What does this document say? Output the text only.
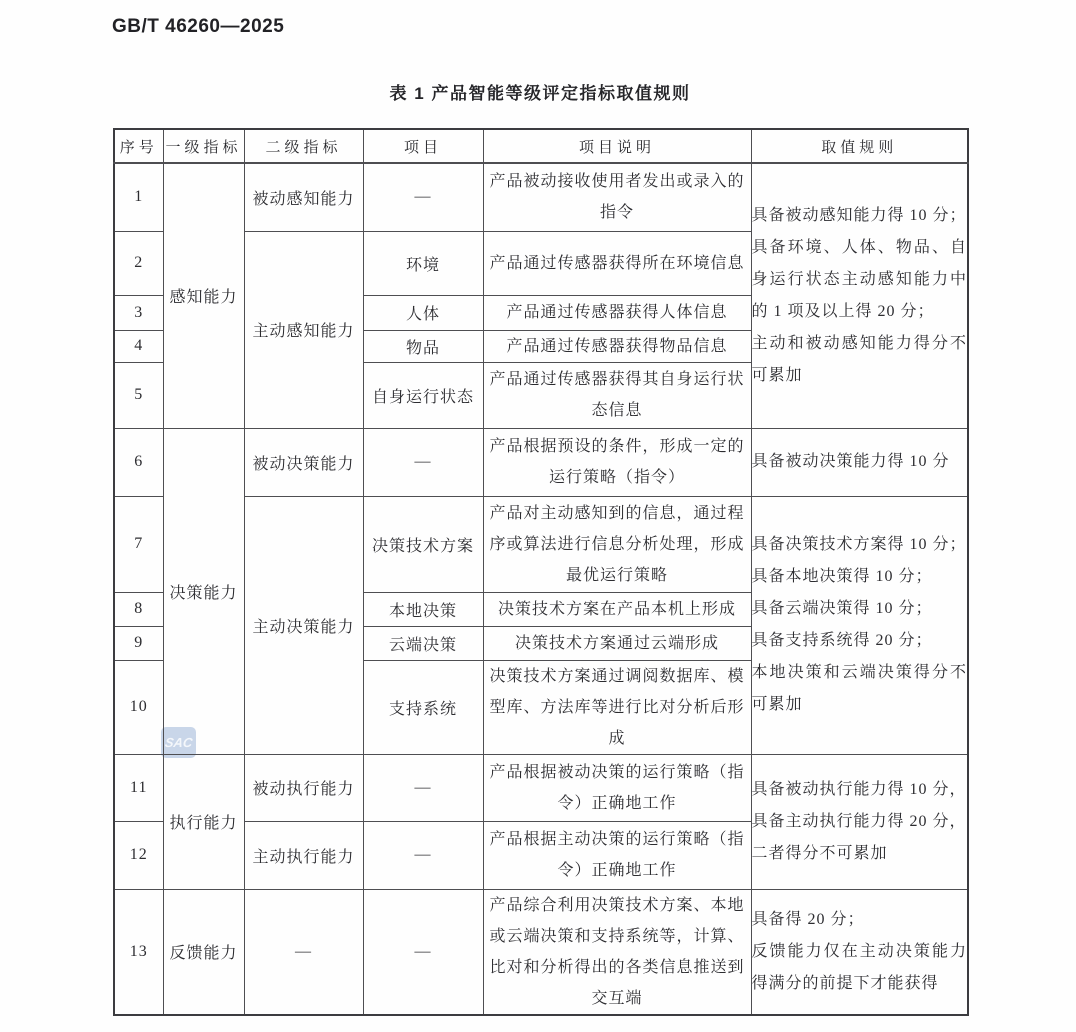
GB/T 46260—2025
表 1 产品智能等级评定指标取值规则
SAC
序号	一级指标	二级指标	项目	项目说明	取值规则
1	感知能力	被动感知能力	—	产品被动接收使用者发出或录入的指令	具备被动感知能力得 10 分；
具备环境、人体、物品、自身运行状态主动感知能力中的 1 项及以上得 20 分；
主动和被动感知能力得分不可累加

2		主动感知能力	环境	产品通过传感器获得所在环境信息	
3			人体	产品通过传感器获得人体信息	
4			物品	产品通过传感器获得物品信息	
5			自身运行状态	产品通过传感器获得其自身运行状态信息	
6	决策能力	被动决策能力	—	产品根据预设的条件，形成一定的运行策略（指令）	具备被动决策能力得 10 分

7		主动决策能力	决策技术方案	产品对主动感知到的信息，通过程序或算法进行信息分析处理，形成最优运行策略	具备决策技术方案得 10 分；
具备本地决策得 10 分；
具备云端决策得 10 分；
具备支持系统得 20 分；
本地决策和云端决策得分不可累加

8			本地决策	决策技术方案在产品本机上形成	
9			云端决策	决策技术方案通过云端形成	
10			支持系统	决策技术方案通过调阅数据库、模型库、方法库等进行比对分析后形成	
11	执行能力	被动执行能力	—	产品根据被动决策的运行策略（指令）正确地工作	具备被动执行能力得 10 分，
具备主动执行能力得 20 分，
二者得分不可累加

12		主动执行能力	—	产品根据主动决策的运行策略（指令）正确地工作	
13	反馈能力	—	—	产品综合利用决策技术方案、本地或云端决策和支持系统等，计算、比对和分析得出的各类信息推送到交互端	具备得 20 分；
反馈能力仅在主动决策能力得满分的前提下才能获得
